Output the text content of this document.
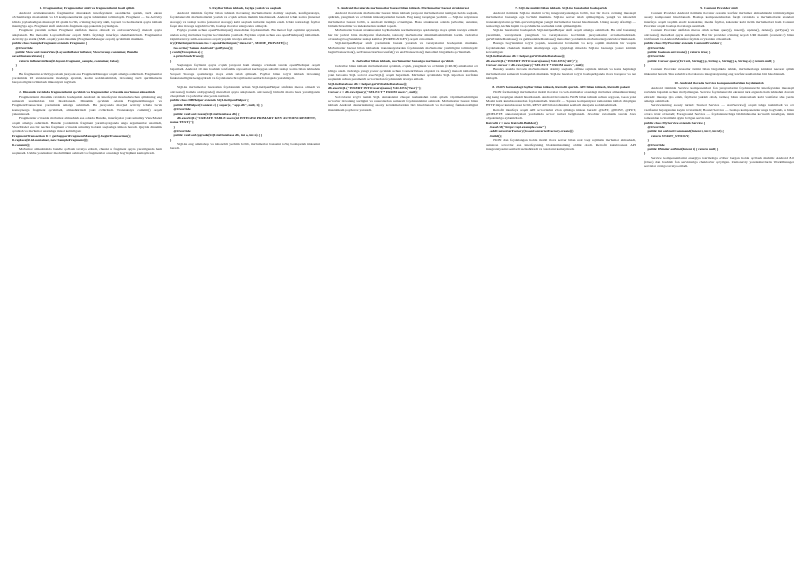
1. Fragmentlar, Fragmentlar sinfi va fragmentlarni hosil qilish
Android arxitekturasida fragmentlar murakkab interfeyslarni osonlikcha qurish, turli ekran o'lchamlariga moslashish va UI komponentlarini qayta ishlatishni ta'minlaydi. Fragment — bu Activity ichida joylashadigan mustaqil UI qismi bo'lib, o'zining hayotiy sikli, layouti va hodisalarni qayta ishlash mantig'iga ega. Fragment sinfi androidx.fragment.app paketida joylashgan.
Fragment yaratish uchun Fragment sinfidan meros olinadi va onCreateView() metodi qayta aniqlanadi. Bu metodda LayoutInflater orqali XML fayldagi interfeys shakllantiriladi. Fragmentlar Activity ga statik (XML orqali) yoki dinamik (FragmentManager orqali) qo'shilishi mumkin.
public class SampleFragment extends Fragment {
@Override
public View onCreateView(LayoutInflater inflater, ViewGroup container, Bundle savedInstanceState) {
return inflater.inflate(R.layout.fragment_sample, container, false);
}
}
Bu fragmentni activityga ulash jarayoni esa FragmentManager orqali amalga oshiriladi. Fragmentlar yordamida UI strukturasini modulga ajratish, kodni soddalashtirish, ilovaning turli qurilmalarda barqarorligini ta'minlash imkoniyati tug'iladi.
2. Dinamik ravishda fragmentlarni qo'shish va fragmentlar o'rtasida ma'lumot almashish
Fragmentlarni dinamik ravishda boshqarish Android da interfeysni moslashuvchan qilishning eng samarali usullaridan biri hisoblanadi. Dinamik qo'shish odatda FragmentManager va FragmentTransaction yordamida amalga oshiriladi. Bu jarayonda mavjud activity ichida bo'sh konteynerga fragment qo'shiladi, almashtiriladi yoki o'chiriladi. Tranzaksiya commit() orqali yakunlanadi.
Fragmentlar o'rtasida ma'lumot almashish esa odatda Bundle, interfeyslar yoki umumiy ViewModel orqali amalga oshiriladi. Bundle yordamida fragment yaratilayotganda unga argumentlar uzatiladi, ViewModel esa bir nechta fragment o'rtasida umumiy holatni saqlashga imkon beradi. Quyida dinamik qo'shish va ma'lumot uzatishga misol keltirilgan:
FragmentTransaction ft = getSupportFragmentManager().beginTransaction();
ft.replace(R.id.container, new SampleFragment());
ft.commit();
Ma'lumot almashishda bundle qo'llash tavsiya etiladi, chunki u fragment qayta yaratilganda ham saqlanadi. Ushbu yondashuv modullilikni oshiradi va fragmentlar orasidagi bog'liqlikni kamaytiradi.
3. Fayllar bilan ishlash, faylga yozish va saqlash
Android tizimida fayllar bilan ishlash ilovaning ma'lumotlarni doimiy saqlash, konfiguratsiya, foydalanuvchi ma'lumotlarini yozish va o'qish uchun muhim hisoblanadi. Android ichki xotira (internal storage) va tashqi xotira (external storage) kabi saqlash turlarini taqdim etadi. Ichki xotiradagi fayllar faqat shu ilovaga tegishli bo'lib, boshqa ilovalar ularga kira olmaydi.
Faylga yozish uchun openFileOutput() metodidan foydalaniladi. Bu metod fayl oqimini qaytaradi, undan so'ng ma'lumot baytlar ko'rinishida yoziladi. Fayldan o'qish uchun esa openFileInput() ishlatiladi. Oqimlarni try-with-resources orqali yopish tavsiya etiladi.
try(FileOutputStream fos = openFileOutput("data.txt", MODE_PRIVATE)) {
fos.write("Salom Android".getBytes());
} catch(Exception e) {
e.printStackTrace();
}
Saqlangan fayllarni qayta o'qish jarayoni ham shunga o'xshash tarzda openFileInput orqali bajariladi. Android 10 dan boshlab xavfsizlik siyosatlari kuchaygan sababli tashqi xotira bilan ishlashda Scoped Storage qoidalariga rioya etish talab qilinadi. Fayllar bilan to'g'ri ishlash ilovaning funksionalligini kengaytiradi va foydalanuvchi tajribasini sezilarli darajada yaxshilaydi.
SQLite ma'lumotlar bazasidan foydalanish uchun SQLiteOpenHelper sinfidan meros olinadi va onCreate() hamda onUpgrade() metodlari qayta aniqlanadi. onCreate() birinchi marta baza yaratilganda chaqiriladi va jadvallar shu yerda tuziladi.
public class DBHelper extends SQLiteOpenHelper {
public DBHelper(Context c) { super(c, "app.db", null, 1); }
@Override
public void onCreate(SQLiteDatabase db) {
db.execSQL("CREATE TABLE users(id INTEGER PRIMARY KEY AUTOINCREMENT, name TEXT)");
}
@Override
public void onUpgrade(SQLiteDatabase db, int o, int n) { }
}
SQLite eng ommabop va ishonchli yechim bo'lib, ma'lumotlar bazasini to'liq boshqarish imkonini beradi.
5. Android ilovalarda ma'lumotlar bazasi bilan ishlash. Ma'lumotlar bazasi strukturasi
Android ilovalarda ma'lumotlar bazasi bilan ishlash jarayoni ma'lumotlarni tuzilgan holda saqlash, qidirish, yangilash va o'chirish imkoniyatlarini beradi. Eng keng tarqalgan yechim — SQLite relyatsion ma'lumotlar bazasi bo'lib, u Android tizimiga o'rnatilgan. Baza strukturasi odatda jadvallar, ustunlar, birlamchi kalitlar va indekslardan tashkil topadi.
Ma'lumotlar bazasi strukturasini loyihalashda normalizatsiya qoidalariga rioya qilish tavsiya etiladi: har bir jadval bitta mohiyatni ifodalashi, takroriy ma'lumotlar minimallashtirilishi lozim. Jadvallar o'rtasidagi bog'lanishlar tashqi kalitlar (FOREIGN KEY) orqali o'rnatiladi.
SQLiteOpenHelper sinfi yordamida bazani yaratish va versiyalarini boshqarish mumkin. Ma'lumotlar bazasi bilan ishlashda tranzaksiyalardan foydalanish ma'lumotlar yaxlitligini ta'minlaydi: beginTransaction(), setTransactionSuccessful() va endTransaction() metodlari birgalikda qo'llaniladi.
6. Jadvallar bilan ishlash, ma'lumotlar bazasiga ma'lumot qo'shish
Jadvallar bilan ishlash ma'lumotlarni qo'shish, o'qish, yangilash va o'chirish (CRUD) amallarini o'z ichiga oladi. Jadvalga yangi yozuv qo'shish uchun ContentValues obyekti va insert() metodi ishlatiladi, yoki bevosita SQL so'rovi execSQL() orqali bajariladi. Ma'lumot qo'shishda SQL injection xavfidan saqlanish uchun parametrli so'rovlardan foydalanish tavsiya etiladi.
SQLiteDatabase db = helper.getWritableDatabase();
db.execSQL("INSERT INTO users(name) VALUES('Test')");
Cursor c = db.rawQuery("SELECT * FROM users", null);
So'rovlarni to'g'ri tuzish SQL sintaksisini chuqur tushunishni talab qiladi. Optimallashtirilgan so'rovlar ilovaning tezligini va resurslardan samarali foydalanishini oshiradi. Ma'lumotlar bazasi bilan ishlash Android dasturlashning asosiy ko'nikmalaridan biri hisoblanadi va ilovaning funksionalligini mustahkam poydevor yaratadi.
7. SQLite muhiti bilan ishlash. SQLite bazalarini boshqarish
Android tizimida SQLite muhiti to'liq integratsiyalashgan bo'lib, har bir ilova o'zining mustaqil ma'lumotlar bazasiga ega bo'lishi mumkin. SQLite server talab qilmaydigan, yengil va ishonchli tranzaktsiyalarni qo'llab-quvvatlaydigan yengil ma'lumotlar bazasi hisoblanadi. Uning asosiy afzalligi — tezkorligi, kichik hajmi va qo'shimcha sozlashni talab qilmasligidir.
SQLite bazalarini boshqarish SQLiteOpenHelper sinfi orqali amalga oshiriladi. Bu sinf bazaning yaratilishi, versiyalarni yangilash va versiyalararo ko'chirish jarayonlarini avtomatlashtiradi. getWritableDatabase() va getReadableDatabase() metodlari yordamida ma'lumotlarga kirish ta'minlanadi.
Bazaga bog'lanishni to'g'ri yopish, resurslarni bo'shatish va ko'p oqimli muhitda bir vaqtda foydalanishni cheklash muhim ahamiyatga ega. Quyidagi misolda SQLite bazasiga yozuv kiritish ko'rsatilgan:
SQLiteDatabase db = helper.getWritableDatabase();
db.execSQL("INSERT INTO users(name) VALUES('Ali')");
Cursor cursor = db.rawQuery("SELECT * FROM users", null);
Bunday usulda ilovada ma'lumotlarni doimiy saqlash, offline rejimda ishlash va katta hajmdagi ma'lumotlarni samarali boshqarish mumkin. SQLite bazalari to'g'ri boshqarilganda ilova barqaror va tez ishlaydi.
8. JSON formatdagi fayllar bilan ishlash, Retrofit qurish. API bilan ishlash, Retrofit paketi
JSON formatidagi ma'lumotlar mobil ilovalar va veb-xizmatlar orasidagi ma'lumot almashinuvining eng keng tarqalgan shakli hisoblanadi. Android ilovalarda JSON bilan ishlash uchun org.json, Gson yoki Moshi kabi kutubxonalardan foydalaniladi. Retrofit — Square kompaniyasi tomonidan ishlab chiqilgan HTTP mijoz kutubxonasi bo'lib, REST API bilan ishlashni sezilarli darajada soddalashtiradi.
Retrofit interfeys orqali API so'rovlarini e'lon qilishga imkon beradi: @GET, @POST, @PUT, @DELETE annotatsiyalari yordamida so'rov turlari belgilanadi. Javoblar avtomatik tarzda Java obyektlariga aylantiriladi.
Retrofit r = new Retrofit.Builder()
.baseUrl("https://api.example.com/")
.addConverterFactory(GsonConverterFactory.create())
.build();
JSON dan foydalangan holda mobil ilova server bilan real vaqt rejimida ma'lumot almashadi, asinxron so'rovlar esa interfeysning bloklanmasining oldini oladi. Retrofit kutubxonasi API integratsiyasini sezilarli tezlashtiradi va xatolarni kamaytiradi.
9. Content Provider sinfi
Content Provider Android tizimida ilovalar orasida xavfsiz ma'lumot almashinishi ta'minlaydigan asosiy komponent hisoblanadi. Boshqa komponentlardan farqli ravishda u ma'lumotlarni standart interfeys orqali taqdim etadi: kontaktlar, media fayllar, kalendar kabi tizim ma'lumotlari ham Content Provider orqali boshqa ilovalarga uzatiladi.
Content Provider sinfidan meros olish uchun query(), insert(), update(), delete(), getType() va onCreate() metodlari qayta aniqlanadi. Har bir provider o'zining noyob URI manzili (content://) bilan ta'riflanadi va AndroidManifest faylida ro'yxatdan o'tkaziladi.
public class MyProvider extends ContentProvider {
@Override
public boolean onCreate() { return true; }
@Override
public Cursor query(Uri uri, String[] p, String s, String[] a, String o) { return null; }
}
Content Provider ruxsatlar tizimi bilan birgalikda ishlab, ma'lumotlarga kirishni nazorat qilish imkonini beradi. Shu sababli u ilovalararo integratsiyaning eng xavfsiz usullaridan biri hisoblanadi.
10. Android ilovada Service komponentlaridan foydalanish
Android tizimida Service komponentlari fon jarayonlarini foydalanuvchi interfeysidan mustaqil ravishda bajarish uchun mo'ljallangan. Service foydalanuvchi ekranni tark etganda ham ishlashni davom ettiradi: musiqa ijro etish, fayllarni yuklab olish, tarmoq bilan sinxronlash kabi vazifalar shu yerda amalga oshiriladi.
Servicelarning asosiy turlari: Started Service — startService() orqali ishga tushiriladi va o'z vazifasini bajargandan keyin to'xtatiladi; Bound Service — boshqa komponentlar unga bog'lanib, u bilan o'zaro ta'sir o'rnatadi; Foreground Service — foydalanuvchiga bildirishnoma ko'rsatib turadigan, tizim tomonidan to'xtatilishi qiyin bo'lgan servis turi.
public class MyService extends Service {
@Override
public int onStartCommand(Intent i, int f, int id) {
return START_STICKY;
}
@Override
public IBinder onBind(Intent i) { return null; }
}
Service komponentlarini energiya iste'moliga e'tibor bergan holda qo'llash muhim: Android 8.0 (Oreo) dan boshlab fon servislariga cheklovlar qo'yilgan. Zamonaviy yondashuvlarda WorkManager servislar o'rniga tavsiya etiladi.
